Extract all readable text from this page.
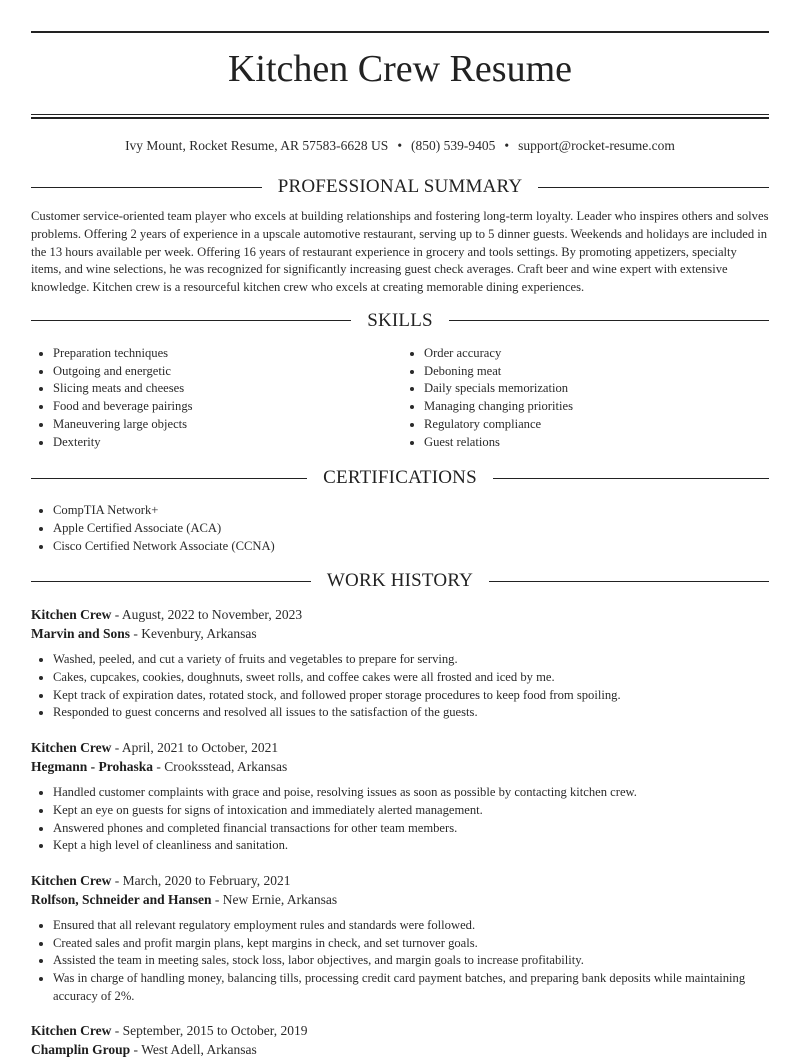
Kitchen Crew Resume
Ivy Mount, Rocket Resume, AR 57583-6628 US • (850) 539-9405 • support@rocket-resume.com
PROFESSIONAL SUMMARY

Customer service-oriented team player who excels at building relationships and fostering long-term loyalty. Leader who inspires others and solves problems. Offering 2 years of experience in a upscale automotive restaurant, serving up to 5 dinner guests. Weekends and holidays are included in the 13 hours available per week. Offering 16 years of restaurant experience in grocery and tools settings. By promoting appetizers, specialty items, and wine selections, he was recognized for significantly increasing guest check averages. Craft beer and wine expert with extensive knowledge. Kitchen crew is a resourceful kitchen crew who excels at creating memorable dining experiences.

SKILLS
Preparation techniques
Outgoing and energetic
Slicing meats and cheeses
Food and beverage pairings
Maneuvering large objects
Dexterity
Order accuracy
Deboning meat
Daily specials memorization
Managing changing priorities
Regulatory compliance
Guest relations
CERTIFICATIONS
CompTIA Network+
Apple Certified Associate (ACA)
Cisco Certified Network Associate (CCNA)
WORK HISTORY
Kitchen Crew - August, 2022 to November, 2023
Marvin and Sons - Kevenbury, Arkansas
Washed, peeled, and cut a variety of fruits and vegetables to prepare for serving.
Cakes, cupcakes, cookies, doughnuts, sweet rolls, and coffee cakes were all frosted and iced by me.
Kept track of expiration dates, rotated stock, and followed proper storage procedures to keep food from spoiling.
Responded to guest concerns and resolved all issues to the satisfaction of the guests.
Kitchen Crew - April, 2021 to October, 2021
Hegmann - Prohaska - Crooksstead, Arkansas
Handled customer complaints with grace and poise, resolving issues as soon as possible by contacting kitchen crew.
Kept an eye on guests for signs of intoxication and immediately alerted management.
Answered phones and completed financial transactions for other team members.
Kept a high level of cleanliness and sanitation.
Kitchen Crew - March, 2020 to February, 2021
Rolfson, Schneider and Hansen - New Ernie, Arkansas
Ensured that all relevant regulatory employment rules and standards were followed.
Created sales and profit margin plans, kept margins in check, and set turnover goals.
Assisted the team in meeting sales, stock loss, labor objectives, and margin goals to increase profitability.
Was in charge of handling money, balancing tills, processing credit card payment batches, and preparing bank deposits while maintaining accuracy of 2%.
Kitchen Crew - September, 2015 to October, 2019
Champlin Group - West Adell, Arkansas
